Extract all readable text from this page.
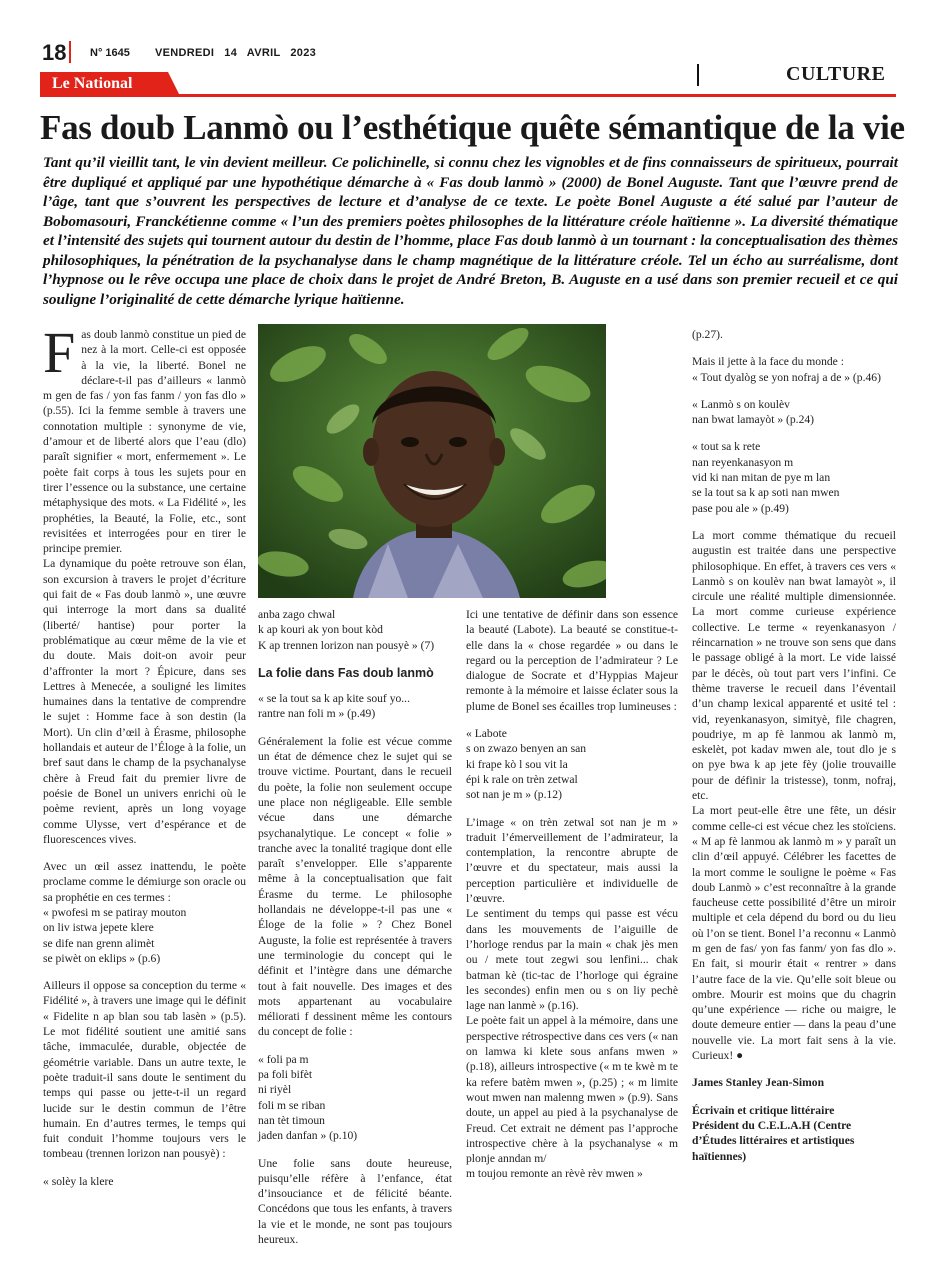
18 N° 1645 VENDREDI   14   AVRIL   2023
Le National	CULTURE
Fas doub Lanmò ou l’esthétique quête sémantique de la vie
Tant qu’il vieillit tant, le vin devient meilleur. Ce polichinelle, si connu chez les vignobles et de fins connaisseurs de spiritueux, pourrait être dupliqué et appliqué par une hypothétique démarche à « Fas doub lanmò » (2000) de Bonel Auguste. Tant que l’œuvre prend de l’âge, tant que s’ouvrent les perspectives de lecture et d’analyse de ce texte. Le poète Bonel Auguste a été salué par l’auteur de Bobomasouri, Franckétienne comme « l’un des premiers poètes philosophes de la littérature créole haïtienne ». La diversité thématique et l’intensité des sujets qui tournent autour du destin de l’homme, place Fas doub lanmò à un tournant : la conceptualisation des thèmes philosophiques, la pénétration de la psychanalyse dans le champ magnétique de la littérature créole. Tel un écho au surréalisme, dont l’hypnose ou le rêve occupa une place de choix dans le projet de André Breton, B. Auguste en a usé dans son premier recueil et ce qui souligne l’originalité de cette démarche lyrique haïtienne.

Fas doub lanmò constitue un pied de nez à la mort. Celle-ci est opposée à la vie, la liberté. Bonel ne déclare-t-il pas d’ailleurs « lanmò m gen de fas / yon fas fanm / yon fas dlo » (p.55). Ici la femme semble à travers une connotation multiple : synonyme de vie, d’amour et de liberté alors que l’eau (dlo) paraît signifier « mort, enfermement ». Le poète fait corps à tous les sujets pour en tirer l’essence ou la substance, une certaine métaphysique des mots. « La Fidélité », les prophéties, la Beauté, la Folie, etc., sont revisitées et interrogées pour en tirer le principe premier.

La dynamique du poète retrouve son élan, son excursion à travers le projet d’écriture qui fait de « Fas doub lanmò », une œuvre qui interroge la mort dans sa dualité (liberté/ hantise) pour porter la problématique au cœur même de la vie et du doute. Mais doit-on avoir peur d’affronter la mort ? Épicure, dans ses Lettres à Menecée, a souligné les limites humaines dans la tentative de comprendre le sujet : Homme face à son destin (la Mort). Un clin d’œil à Érasme, philosophe hollandais et auteur de l’Éloge à la folie, un bref saut dans le champ de la psychanalyse chère à Freud fait du premier livre de poésie de Bonel un univers enrichi où le poème revient, après un long voyage comme Ulysse, vert d’espérance et de fluorescences vives.

Avec un œil assez inattendu, le poète proclame comme le démiurge son oracle ou sa prophétie en ces termes :

« pwofesi m se patiray mouton
on liv istwa jepete klere
se dife nan grenn alimèt
se piwèt on eklips » (p.6)

Ailleurs il oppose sa conception du terme « Fidélité », à travers une image qui le définit « Fidelite n ap blan sou tab lasèn » (p.5). Le mot fidélité soutient une amitié sans tâche, immaculée, durable, objectée de géométrie variable. Dans un autre texte, le poète traduit-il sans doute le sentiment du temps qui passe ou jette-t-il un regard lucide sur le destin commun de l’être humain. En d’autres termes, le temps qui fuit conduit l’homme toujours vers le tombeau (trennen lorizon nan pousyè) :

« solèy la klere
anba zago chwal
k ap kouri ak yon bout kòd
K ap trennen lorizon nan pousyè » (7)
La folie dans Fas doub lanmò
« se la tout sa k ap kite souf yo...
rantre nan foli m » (p.49)

Généralement la folie est vécue comme un état de démence chez le sujet qui se trouve victime. Pourtant, dans le recueil du poète, la folie non seulement occupe une place non négligeable. Elle semble vécue dans une démarche psychanalytique. Le concept « folie » tranche avec la tonalité tragique dont elle paraît s’envelopper. Elle s’apparente même à la conceptualisation que fait Érasme du terme. Le philosophe hollandais ne développe-t-il pas une « Éloge de la folie » ? Chez Bonel Auguste, la folie est représentée à travers une terminologie du concept qui le définit et l’intègre dans une démarche tout à fait nouvelle. Des images et des mots appartenant au vocabulaire méliorati f dessinent même les contours du concept de folie :

« foli pa m
pa foli bifèt
ni riyèl
foli m se riban
nan tèt timoun
jaden danfan » (p.10)

Une folie sans doute heureuse, puisqu’elle réfère à l’enfance, état d’insouciance et de félicité béante. Concédons que tous les enfants, à travers la vie et le monde, ne sont pas toujours heureux.

Ici une tentative de définir dans son essence la beauté (Labote). La beauté se constitue-t-elle dans la « chose regardée » ou dans le regard ou la perception de l’admirateur ? Le dialogue de Socrate et d’Hyppias Majeur remonte à la mémoire et laisse éclater sous la plume de Bonel ses écailles trop lumineuses :

« Labote
s on zwazo benyen an san
ki frape kò l sou vit la
épi k rale on trèn zetwal
sot nan je m » (p.12)

L’image « on trèn zetwal sot nan je m » traduit l’émerveillement de l’admirateur, la contemplation, la rencontre abrupte de l’œuvre et du spectateur, mais aussi la perception particulière et individuelle de l’œuvre.

Le sentiment du temps qui passe est vécu dans les mouvements de l’aiguille de l’horloge rendus par la main « chak jès men ou / mete tout zegwi sou lenfini... chak batman kè (tic-tac de l’horloge qui égraine les secondes) enfin men ou s on liy pechè lage nan lanmè » (p.16).

Le poète fait un appel à la mémoire, dans une perspective rétrospective dans ces vers (« nan on lamwa ki klete sous anfans mwen » (p.18), ailleurs introspective (« m te kwè m te ka refere batèm mwen », (p.25) ; « m limite wout mwen nan malenng mwen » (p.9). Sans doute, un appel au pied à la psychanalyse de Freud. Cet extrait ne dément pas l’approche introspective chère à la psychanalyse « m plonje anndan m/

m toujou remonte an rèvè rèv mwen »

(p.27).

Mais il jette à la face du monde :

« Tout dyalòg se yon nofraj a de » (p.46)
« Lanmò s on koulèv
nan bwat lamayòt » (p.24)
« tout sa k rete
nan reyenkanasyon m
vid ki nan mitan de pye m lan
se la tout sa k ap soti nan mwen
pase pou ale » (p.49)

La mort comme thématique du recueil augustin est traitée dans une perspective philosophique. En effet, à travers ces vers « Lanmò s on koulèv nan bwat lamayòt », il circule une réalité multiple dimensionnée. La mort comme curieuse expérience collective. Le terme « reyenkanasyon / réincarnation » ne trouve son sens que dans le passage obligé à la mort. Le vide laissé par le décès, où tout part vers l’infini. Ce thème traverse le recueil dans l’éventail d’un champ lexical apparenté et usité tel : vid, reyenkanasyon, simityè, file chagren, poudriye, m ap fè lanmou ak lanmò m, eskelèt, pot kadav mwen ale, tout dlo je s on pye bwa k ap jete fèy (jolie trouvaille pour de définir la tristesse), tonm, nofraj, etc.

La mort peut-elle être une fête, un désir comme celle-ci est vécue chez les stoïciens. « M ap fè lanmou ak lanmò m » y paraît un clin d’œil appuyé. Célébrer les facettes de la mort comme le souligne le poème « Fas doub Lanmò » c’est reconnaître à la grande faucheuse cette possibilité d’être un miroir multiple et cela dépend du bord ou du lieu où l’on se tient. Bonel l’a reconnu « Lanmò m gen de fas/ yon fas fanm/ yon fas dlo ». En fait, si mourir était « rentrer » dans l’autre face de la vie. Qu’elle soit bleue ou ombre. Mourir est moins que du chagrin qu’une expérience — riche ou maigre, le doute demeure entier — dans la peau d’une nouvelle vie. La mort fait sens à la vie. Curieux! ●

James Stanley Jean-Simon

Écrivain et critique littéraire

Président du C.E.L.A.H (Centre d’Études littéraires et artistiques haïtiennes)
